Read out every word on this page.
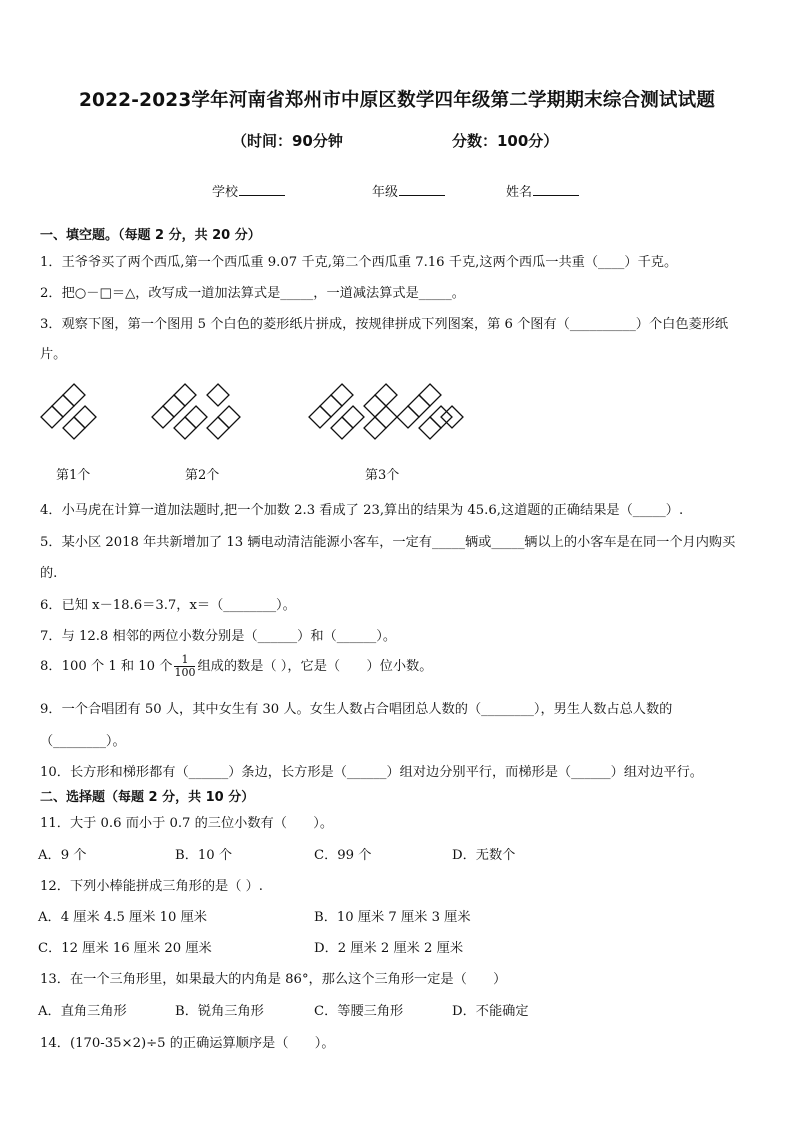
2022-2023学年河南省郑州市中原区数学四年级第二学期期末综合测试试题
（时间：90分钟	分数：100分）
学校	年级	姓名
一、填空题。（每题 2 分，共 20 分）
1．王爷爷买了两个西瓜,第一个西瓜重 9.07 千克,第二个西瓜重 7.16 千克,这两个西瓜一共重（____）千克。
2．把○－□＝△，改写成一道加法算式是_____，一道减法算式是_____。
3．观察下图，第一个图用 5 个白色的菱形纸片拼成，按规律拼成下列图案，第 6 个图有（__________）个白色菱形纸
片。
第1个	第2个	第3个
4．小马虎在计算一道加法题时,把一个加数 2.3 看成了 23,算出的结果为 45.6,这道题的正确结果是（_____）.
5．某小区 2018 年共新增加了 13 辆电动清洁能源小客车，一定有_____辆或_____辆以上的小客车是在同一个月内购买
的.
6．已知 x－18.6＝3.7，x＝（________）。
7．与 12.8 相邻的两位小数分别是（______）和（______）。
8．100 个 1 和 10 个 $\frac{1}{100}$ 组成的数是（ ），它是（　　）位小数。
9．一个合唱团有 50 人，其中女生有 30 人。女生人数占合唱团总人数的（________），男生人数占总人数的
（________）。
10．长方形和梯形都有（______）条边，长方形是（______）组对边分别平行，而梯形是（______）组对边平行。
二、选择题（每题 2 分，共 10 分）
11．大于 0.6 而小于 0.7 的三位小数有（　　）。
A．9 个	B．10 个	C．99 个	D．无数个
12．下列小棒能拼成三角形的是（ ）.
A．4 厘米 4.5 厘米 10 厘米	B．10 厘米 7 厘米 3 厘米
C．12 厘米 16 厘米 20 厘米	D．2 厘米 2 厘米 2 厘米
13．在一个三角形里，如果最大的内角是 86°，那么这个三角形一定是（　　）
A．直角三角形	B．锐角三角形	C．等腰三角形	D．不能确定
14．(170-35×2)÷5 的正确运算顺序是（　　）。
